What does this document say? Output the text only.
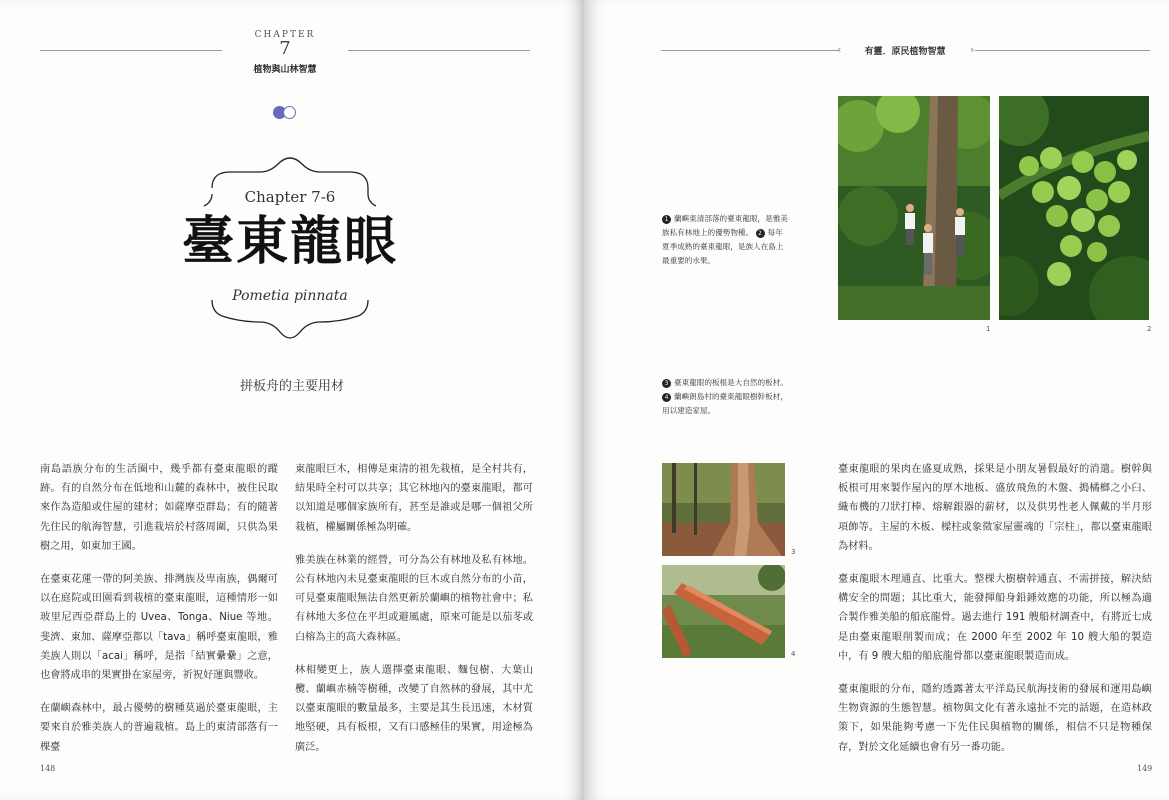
CHAPTER
7
植物與山林智慧
Chapter 7-6
臺東龍眼
Pometia pinnata
拼板舟的主要用材

南島語族分布的生活圈中，幾乎都有臺東龍眼的蹤跡。有的自然分布在低地和山麓的森林中，被住民取來作為造船或住屋的建材；如薩摩亞群島；有的隨著先住民的航海智慧，引進栽培於村落周圍，只供為果樹之用，如東加王國。

在臺東花蓮一帶的阿美族、排灣族及卑南族，偶爾可以在庭院或田園看到栽植的臺東龍眼，這種情形一如玻里尼西亞群島上的 Uvea、Tonga、Niue 等地。斐濟、東加、薩摩亞都以「tava」稱呼臺東龍眼，雅美族人則以「acai」稱呼，是指「結實纍纍」之意，也會將成串的果實掛在家屋旁，祈祝好運與豐收。

在蘭嶼森林中，最占優勢的樹種莫過於臺東龍眼，主要來自於雅美族人的普遍栽植。島上的東清部落有一棵臺

東龍眼巨木，相傳是東清的祖先栽植，是全村共有，結果時全村可以共享；其它林地內的臺東龍眼，都可以知道是哪個家族所有，甚至是誰或是哪一個祖父所栽植，權屬關係極為明確。

雅美族在林業的經營，可分為公有林地及私有林地。公有林地內未見臺東龍眼的巨木或自然分布的小苗，可見臺東龍眼無法自然更新於蘭嶼的植物社會中；私有林地大多位在平坦或避風處，原來可能是以茄苳或白榕為主的高大森林區。

林相變更上，族人選擇臺東龍眼、麵包樹、大葉山欖、蘭嶼赤楠等樹種，改變了自然林的發展，其中尤以臺東龍眼的數量最多，主要是其生長迅速，木材質地堅硬，具有板根，又有口感極佳的果實，用途極為廣泛。

148
‹	›
有靈．原民植物智慧
1 蘭嶼東清部落的臺東龍眼，是雅美族私有林地上的優勢物種。 2 每年夏季成熟的臺東龍眼，是族人在島上最重要的水果。
3 臺東龍眼的板根是大自然的板材。
4 蘭嶼朗島村的臺東龍眼樹幹板材，用以建造家屋。
1	2
3
4

臺東龍眼的果肉在盛夏成熟，採果是小朋友暑假最好的消遣。樹幹與板根可用來製作屋內的厚木地板、盛放飛魚的木盤、搗橘榔之小臼、織布機的刀狀打棒、熔解銀器的薪材，以及供男性老人佩戴的半月形項飾等。主屋的木板、樑柱或象徵家屋靈魂的「宗柱」，都以臺東龍眼為材料。

臺東龍眼木理通直、比重大。整棵大樹樹幹通直、不需拼接，解決結構安全的問題；其比重大，能發揮船身鉛錘效應的功能，所以極為適合製作雅美船的船底龍骨。過去進行 191 艘船材調查中，有將近七成是由臺東龍眼削製而成；在 2000 年至 2002 年 10 艘大船的製造中，有 9 艘大船的船底龍骨都以臺東龍眼製造而成。

臺東龍眼的分布，隱約透露著太平洋島民航海技術的發展和運用島嶼生物資源的生態智慧。植物與文化有著永遠扯不完的話題，在造林政策下，如果能夠考慮一下先住民與植物的關係，相信不只是物種保存，對於文化延續也會有另一番功能。

149
